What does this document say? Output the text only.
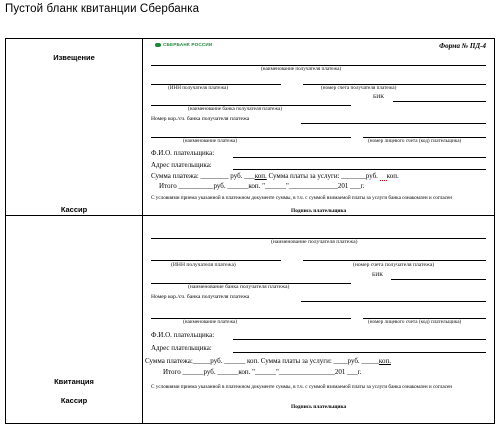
Пустой бланк квитанции Сбербанка
Извещение
Кассир
Квитанция
Кассир
СБЕРБАНК РОССИИ	Форма № ПД-4
(наименование получателя платежа)
(ИНН получателя платежа)	(номер счета получателя платежа)
БИК
(наименование банка получателя платежа)
Номер кор./сч. банка получателя платежа
(наименование платежа)	(номер лицевого счета (код) плательщика)
Ф.И.О. плательщика:
Адрес плательщика:
Сумма платежа: ________ руб. ___коп. Сумма платы за услуги: _______руб. коп.
Итого __________руб. ______коп. "______"______________201 ___г.
С условиями приема указанной в платежном документе суммы, в т.ч. с суммой взимаемой платы за услуги банка ознакомлен и согласен
Подпись плательщика
(наименование получателя платежа)
(ИНН получателя платежа)	(номер счета получателя платежа)
БИК
(наименование банка получателя платежа)
Номер кор./сч. банка получателя платежа
(наименование платежа)	(номер лицевого счета (код) плательщика)
Ф.И.О. плательщика:
Адрес плательщика:
Сумма платежа:_____руб. ______ коп. Сумма платы за услуги: ____руб. _____коп.
Итого ______руб. ______коп. "______"________________201 ___г.
С условиями приема указанной в платежном документе суммы, в т.ч. с суммой взимаемой платы за услуги банка ознакомлен и согласен
Подпись плательщика
